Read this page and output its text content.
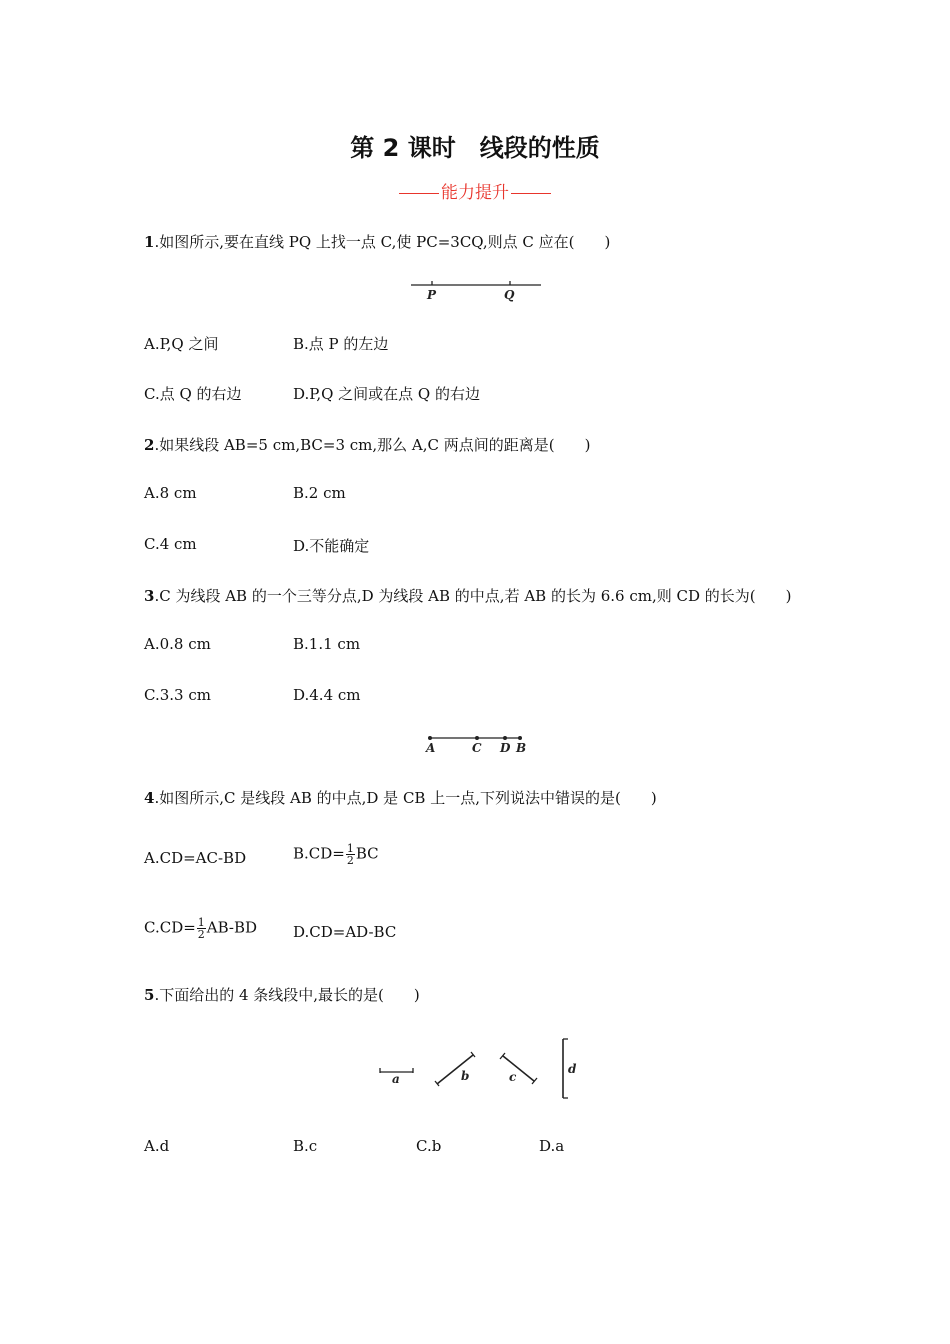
第 2 课时　线段的性质
能力提升
1.如图所示,要在直线 PQ 上找一点 C,使 PC=3CQ,则点 C 应在(　　)
P	Q
A.P,Q 之间	B.点 P 的左边
C.点 Q 的右边	D.P,Q 之间或在点 Q 的右边
2.如果线段 AB=5 cm,BC=3 cm,那么 A,C 两点间的距离是(　　)
A.8 cm	B.2 cm
C.4 cm	D.不能确定
3.C 为线段 AB 的一个三等分点,D 为线段 AB 的中点,若 AB 的长为 6.6 cm,则 CD 的长为(　　)
A.0.8 cm	B.1.1 cm
C.3.3 cm	D.4.4 cm
A	C D B
4.如图所示,C 是线段 AB 的中点,D 是 CB 上一点,下列说法中错误的是(　　)
A.CD=AC-BD	$B.CD= \frac{1}{2}$ BC
$C.CD= \frac{1}{2} AB-BD$ D.CD=AD-BC
5.下面给出的 4 条线段中,最长的是(　　)
a	b	c
d
A.d	B.c	C.b	D.a
